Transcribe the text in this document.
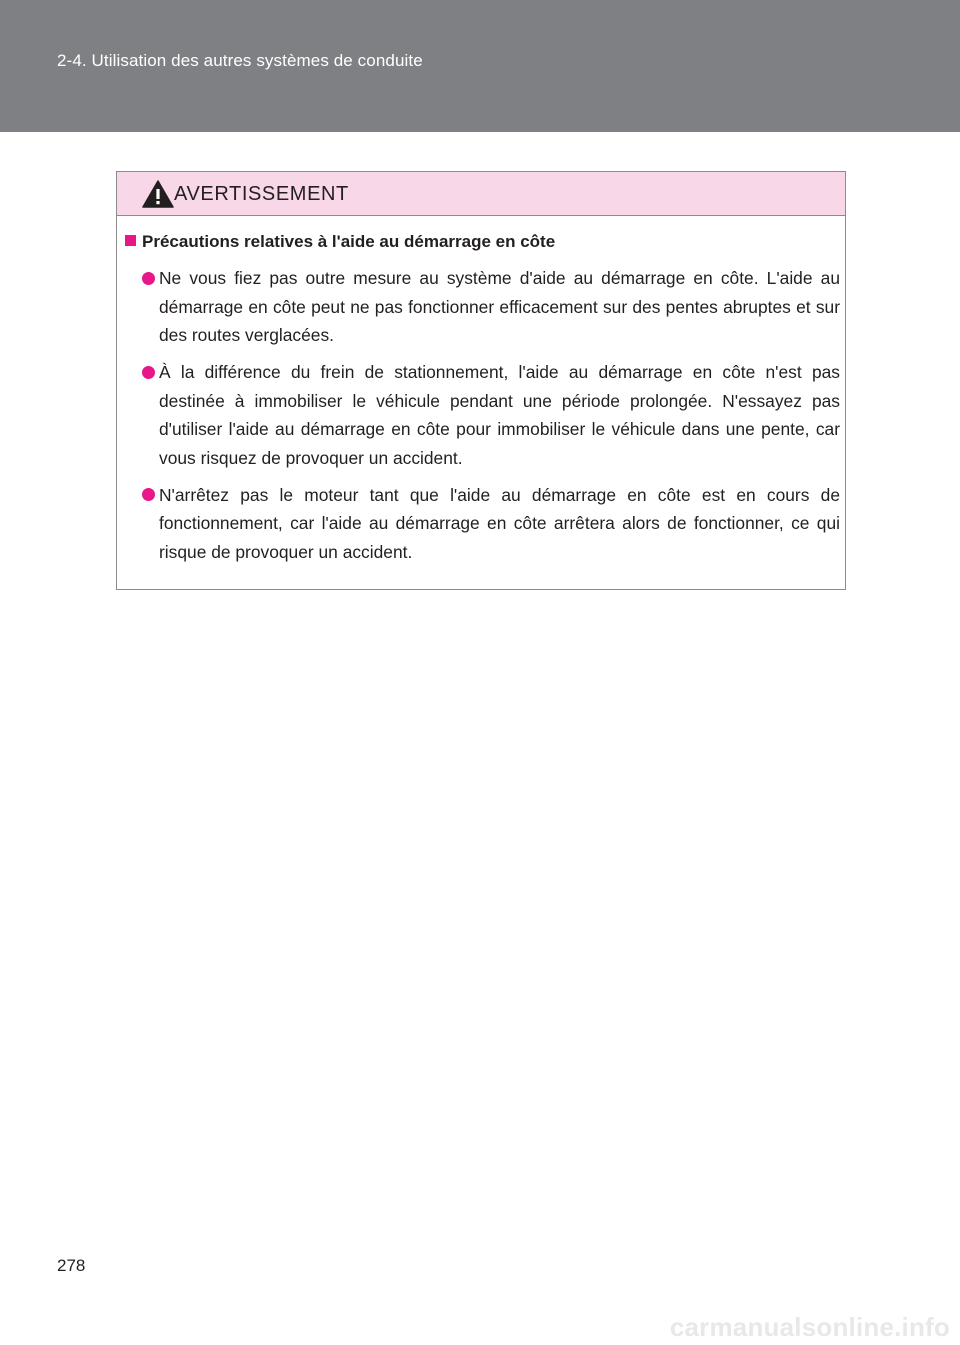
2-4. Utilisation des autres systèmes de conduite
AVERTISSEMENT
Précautions relatives à l'aide au démarrage en côte
Ne vous fiez pas outre mesure au système d'aide au démarrage en côte. L'aide au démarrage en côte peut ne pas fonctionner efficacement sur des pentes abruptes et sur des routes verglacées.
À la différence du frein de stationnement, l'aide au démarrage en côte n'est pas destinée à immobiliser le véhicule pendant une période prolongée. N'essayez pas d'utiliser l'aide au démarrage en côte pour immobiliser le véhicule dans une pente, car vous risquez de provoquer un accident.
N'arrêtez pas le moteur tant que l'aide au démarrage en côte est en cours de fonctionnement, car l'aide au démarrage en côte arrêtera alors de fonctionner, ce qui risque de provoquer un accident.
278
carmanualsonline.info
